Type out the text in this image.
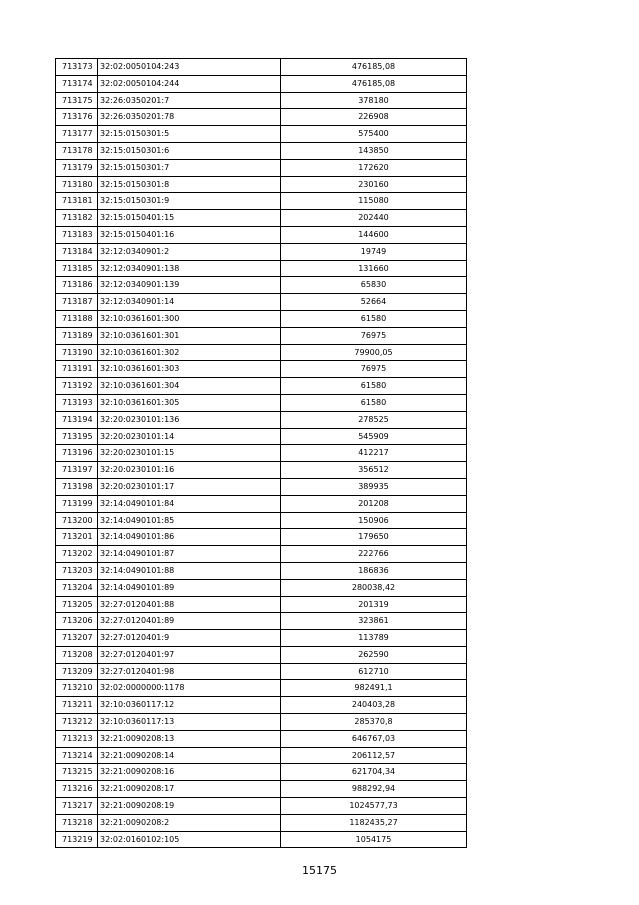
713173	32:02:0050104:243	476185,08
713174	32:02:0050104:244	476185,08
713175	32:26:0350201:7	378180
713176	32:26:0350201:78	226908
713177	32:15:0150301:5	575400
713178	32:15:0150301:6	143850
713179	32:15:0150301:7	172620
713180	32:15:0150301:8	230160
713181	32:15:0150301:9	115080
713182	32:15:0150401:15	202440
713183	32:15:0150401:16	144600
713184	32:12:0340901:2	19749
713185	32:12:0340901:138	131660
713186	32:12:0340901:139	65830
713187	32:12:0340901:14	52664
713188	32:10:0361601:300	61580
713189	32:10:0361601:301	76975
713190	32:10:0361601:302	79900,05
713191	32:10:0361601:303	76975
713192	32:10:0361601:304	61580
713193	32:10:0361601:305	61580
713194	32:20:0230101:136	278525
713195	32:20:0230101:14	545909
713196	32:20:0230101:15	412217
713197	32:20:0230101:16	356512
713198	32:20:0230101:17	389935
713199	32:14:0490101:84	201208
713200	32:14:0490101:85	150906
713201	32:14:0490101:86	179650
713202	32:14:0490101:87	222766
713203	32:14:0490101:88	186836
713204	32:14:0490101:89	280038,42
713205	32:27:0120401:88	201319
713206	32:27:0120401:89	323861
713207	32:27:0120401:9	113789
713208	32:27:0120401:97	262590
713209	32:27:0120401:98	612710
713210	32:02:0000000:1178	982491,1
713211	32:10:0360117:12	240403,28
713212	32:10:0360117:13	285370,8
713213	32:21:0090208:13	646767,03
713214	32:21:0090208:14	206112,57
713215	32:21:0090208:16	621704,34
713216	32:21:0090208:17	988292,94
713217	32:21:0090208:19	1024577,73
713218	32:21:0090208:2	1182435,27
713219	32:02:0160102:105	1054175
15175
